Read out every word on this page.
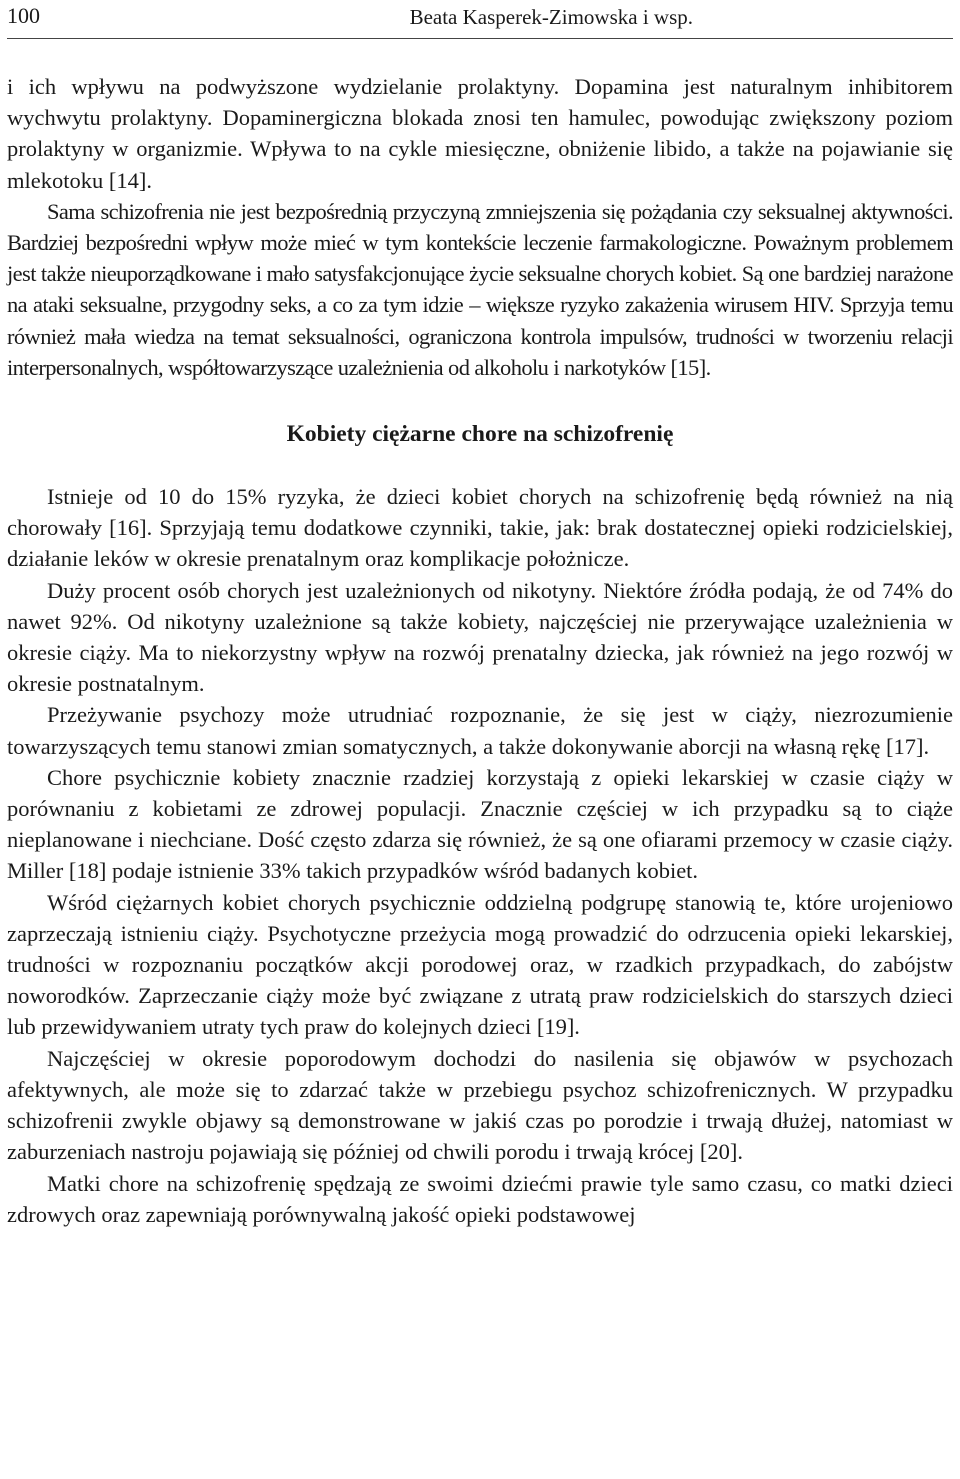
100	Beata Kasperek-Zimowska i wsp.

i ich wpływu na podwyższone wydzielanie prolaktyny. Dopamina jest naturalnym inhibitorem wychwytu prolaktyny. Dopaminergiczna blokada znosi ten hamulec, powodując zwiększony poziom prolaktyny w organizmie. Wpływa to na cykle miesięczne, obniżenie libido, a także na pojawianie się mlekotoku [14].

Sama schizofrenia nie jest bezpośrednią przyczyną zmniejszenia się pożądania czy seksualnej aktywności. Bardziej bezpośredni wpływ może mieć w tym kontekście leczenie farmakologiczne. Poważnym problemem jest także nieuporządkowane i mało satysfakcjonujące życie seksualne chorych kobiet. Są one bardziej narażone na ataki seksualne, przygodny seks, a co za tym idzie – większe ryzyko zakażenia wirusem HIV. Sprzyja temu również mała wiedza na temat seksualności, ograniczona kontrola impulsów, trudności w tworzeniu relacji interpersonalnych, współtowarzyszące uzależnienia od alkoholu i narkotyków [15].

Kobiety ciężarne chore na schizofrenię

Istnieje od 10 do 15% ryzyka, że dzieci kobiet chorych na schizofrenię będą również na nią chorowały [16]. Sprzyjają temu dodatkowe czynniki, takie, jak: brak dostatecznej opieki rodzicielskiej, działanie leków w okresie prenatalnym oraz komplikacje położnicze.

Duży procent osób chorych jest uzależnionych od nikotyny. Niektóre źródła podają, że od 74% do nawet 92%. Od nikotyny uzależnione są także kobiety, najczęściej nie przerywające uzależnienia w okresie ciąży. Ma to niekorzystny wpływ na rozwój prenatalny dziecka, jak również na jego rozwój w okresie postnatalnym.

Przeżywanie psychozy może utrudniać rozpoznanie, że się jest w ciąży, niezrozumienie towarzyszących temu stanowi zmian somatycznych, a także dokonywanie aborcji na własną rękę [17].

Chore psychicznie kobiety znacznie rzadziej korzystają z opieki lekarskiej w czasie ciąży w porównaniu z kobietami ze zdrowej populacji. Znacznie częściej w ich przypadku są to ciąże nieplanowane i niechciane. Dość często zdarza się również, że są one ofiarami przemocy w czasie ciąży. Miller [18] podaje istnienie 33% takich przypadków wśród badanych kobiet.

Wśród ciężarnych kobiet chorych psychicznie oddzielną podgrupę stanowią te, które urojeniowo zaprzeczają istnieniu ciąży. Psychotyczne przeżycia mogą prowadzić do odrzucenia opieki lekarskiej, trudności w rozpoznaniu początków akcji porodowej oraz, w rzadkich przypadkach, do zabójstw noworodków. Zaprzeczanie ciąży może być związane z utratą praw rodzicielskich do starszych dzieci lub przewidywaniem utraty tych praw do kolejnych dzieci [19].

Najczęściej w okresie poporodowym dochodzi do nasilenia się objawów w psychozach afektywnych, ale może się to zdarzać także w przebiegu psychoz schizofrenicznych. W przypadku schizofrenii zwykle objawy są demonstrowane w jakiś czas po porodzie i trwają dłużej, natomiast w zaburzeniach nastroju pojawiają się później od chwili porodu i trwają krócej [20].

Matki chore na schizofrenię spędzają ze swoimi dziećmi prawie tyle samo czasu, co matki dzieci zdrowych oraz zapewniają porównywalną jakość opieki podstawowej
